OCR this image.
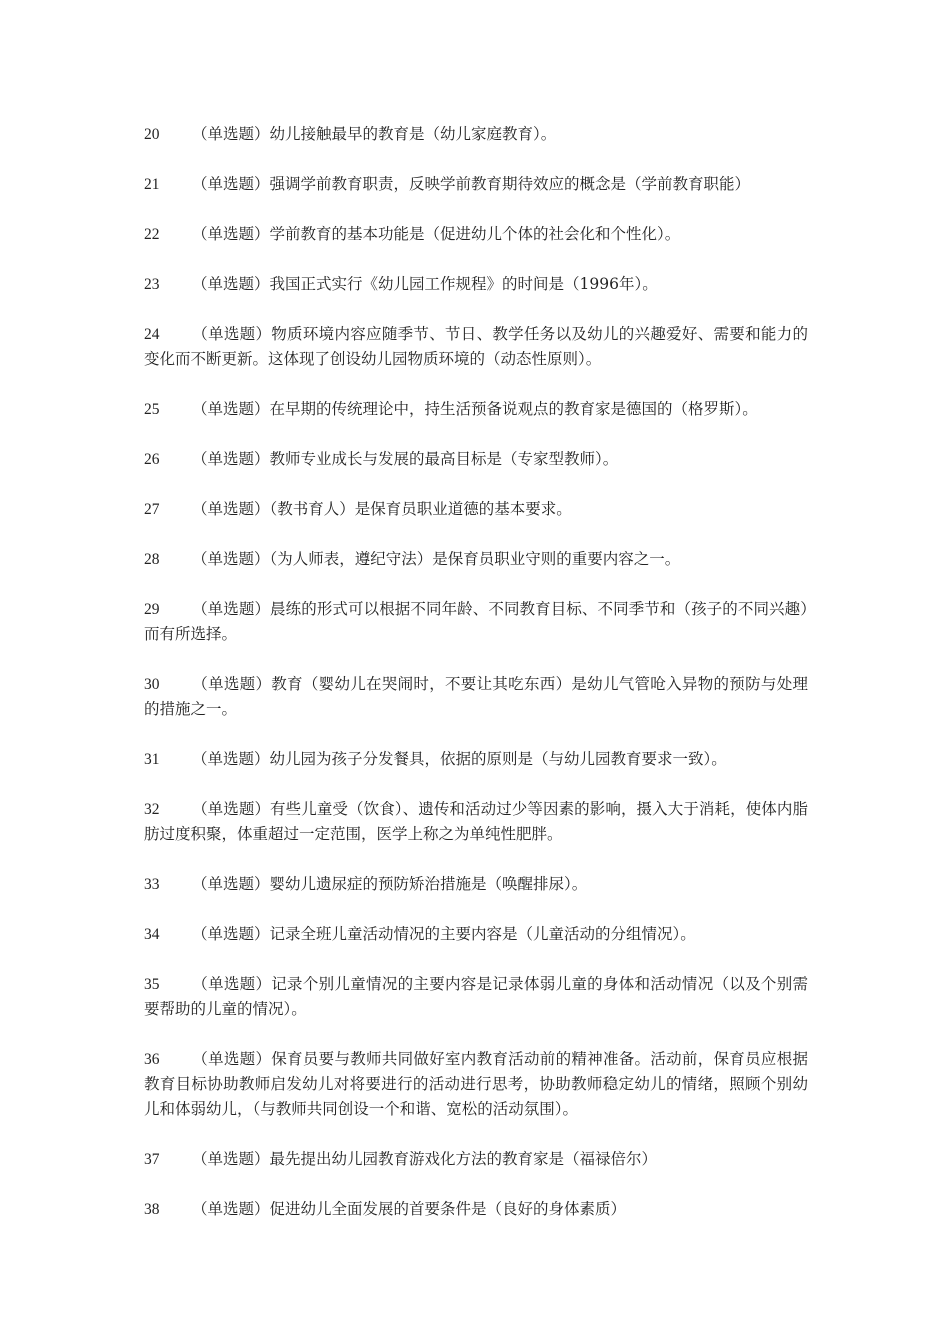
20 （单选题）幼儿接触最早的教育是（幼儿家庭教育）。

21 （单选题）强调学前教育职责，反映学前教育期待效应的概念是（学前教育职能）

22 （单选题）学前教育的基本功能是（促进幼儿个体的社会化和个性化）。

23 （单选题）我国正式实行《幼儿园工作规程》的时间是（1996年）。

24 （单选题）物质环境内容应随季节、节日、教学任务以及幼儿的兴趣爱好、需要和能力的变化而不断更新。这体现了创设幼儿园物质环境的（动态性原则）。

25 （单选题）在早期的传统理论中，持生活预备说观点的教育家是德国的（格罗斯）。

26 （单选题）教师专业成长与发展的最高目标是（专家型教师）。

27 （单选题）（教书育人）是保育员职业道德的基本要求。

28 （单选题）（为人师表，遵纪守法）是保育员职业守则的重要内容之一。

29 （单选题）晨练的形式可以根据不同年龄、不同教育目标、不同季节和（孩子的不同兴趣）而有所选择。

30 （单选题）教育（婴幼儿在哭闹时，不要让其吃东西）是幼儿气管呛入异物的预防与处理的措施之一。

31 （单选题）幼儿园为孩子分发餐具，依据的原则是（与幼儿园教育要求一致）。

32 （单选题）有些儿童受（饮食）、遗传和活动过少等因素的影响，摄入大于消耗，使体内脂肪过度积聚，体重超过一定范围，医学上称之为单纯性肥胖。

33 （单选题）婴幼儿遗尿症的预防矫治措施是（唤醒排尿）。

34 （单选题）记录全班儿童活动情况的主要内容是（儿童活动的分组情况）。

35 （单选题）记录个别儿童情况的主要内容是记录体弱儿童的身体和活动情况（以及个别需要帮助的儿童的情况）。

36 （单选题）保育员要与教师共同做好室内教育活动前的精神准备。活动前，保育员应根据教育目标协助教师启发幼儿对将要进行的活动进行思考，协助教师稳定幼儿的情绪，照顾个别幼儿和体弱幼儿，（与教师共同创设一个和谐、宽松的活动氛围）。

37 （单选题）最先提出幼儿园教育游戏化方法的教育家是（福禄倍尔）

38 （单选题）促进幼儿全面发展的首要条件是（良好的身体素质）
